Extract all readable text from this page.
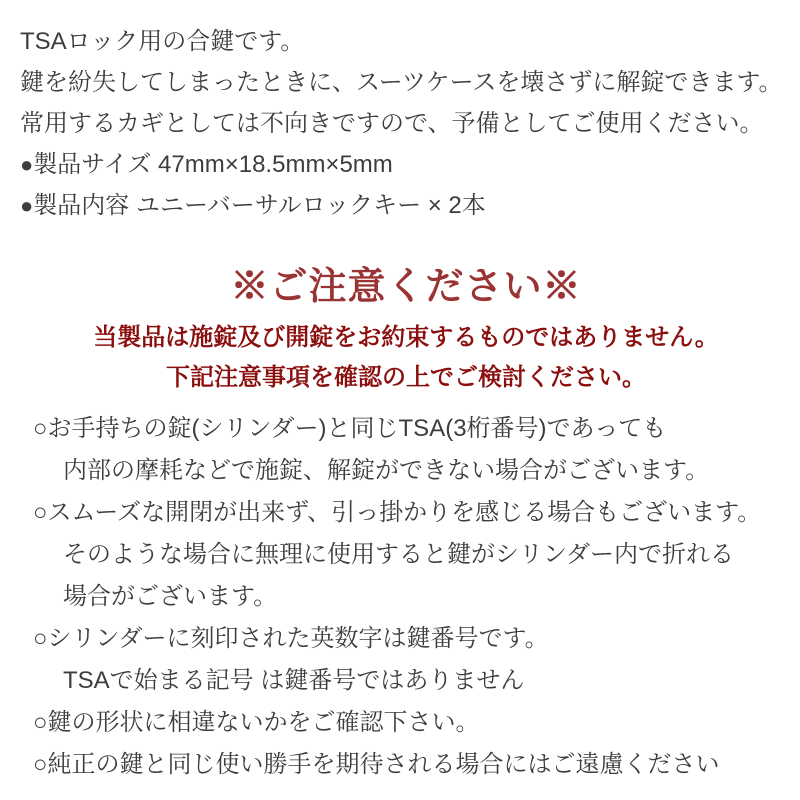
TSAロック用の合鍵です。
鍵を紛失してしまったときに、スーツケースを壊さずに解錠できます。
常用するカギとしては不向きですので、予備としてご使用ください。
●製品サイズ 47mm×18.5mm×5mm
●製品内容 ユニーバーサルロックキー × 2本
※ご注意ください※
当製品は施錠及び開錠をお約束するものではありません。
下記注意事項を確認の上でご検討ください。
○お手持ちの錠(シリンダー)と同じTSA(3桁番号)であっても
内部の摩耗などで施錠、解錠ができない場合がございます。
○スムーズな開閉が出来ず、引っ掛かりを感じる場合もございます。
そのような場合に無理に使用すると鍵がシリンダー内で折れる
場合がございます。
○シリンダーに刻印された英数字は鍵番号です。
TSAで始まる記号 は鍵番号ではありません
○鍵の形状に相違ないかをご確認下さい。
○純正の鍵と同じ使い勝手を期待される場合にはご遠慮ください
